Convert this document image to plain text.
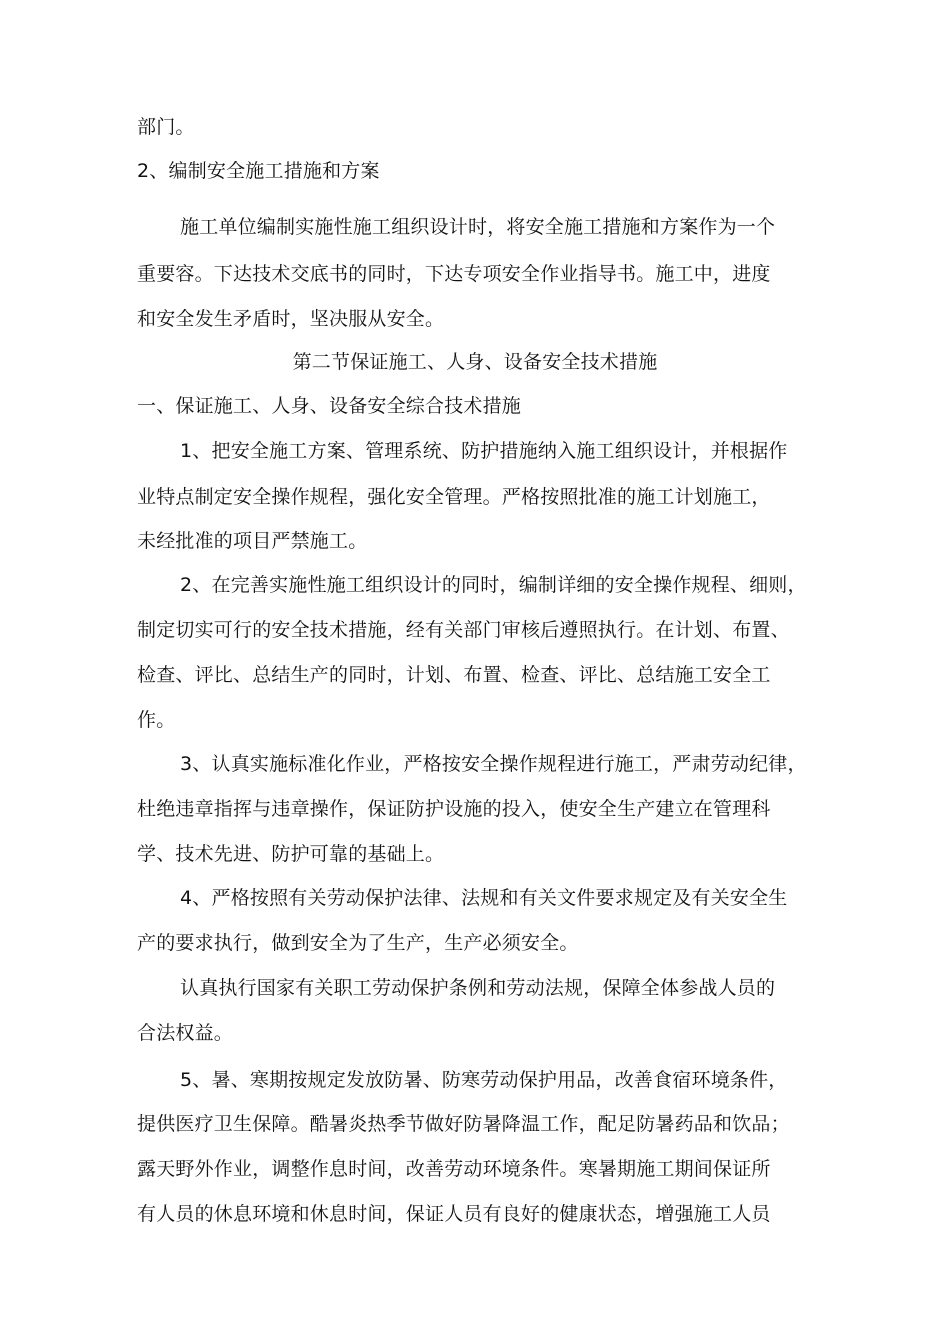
部门。
2、编制安全施工措施和方案
施工单位编制实施性施工组织设计时，将安全施工措施和方案作为一个
重要容。下达技术交底书的同时，下达专项安全作业指导书。施工中，进度
和安全发生矛盾时，坚决服从安全。
第二节保证施工、人身、设备安全技术措施
一、保证施工、人身、设备安全综合技术措施
1、把安全施工方案、管理系统、防护措施纳入施工组织设计，并根据作
业特点制定安全操作规程，强化安全管理。严格按照批准的施工计划施工，
未经批准的项目严禁施工。
2、在完善实施性施工组织设计的同时，编制详细的安全操作规程、细则，
制定切实可行的安全技术措施，经有关部门审核后遵照执行。在计划、布置、
检查、评比、总结生产的同时，计划、布置、检查、评比、总结施工安全工
作。
3、认真实施标准化作业，严格按安全操作规程进行施工，严肃劳动纪律，
杜绝违章指挥与违章操作，保证防护设施的投入，使安全生产建立在管理科
学、技术先进、防护可靠的基础上。
4、严格按照有关劳动保护法律、法规和有关文件要求规定及有关安全生
产的要求执行，做到安全为了生产，生产必须安全。
认真执行国家有关职工劳动保护条例和劳动法规，保障全体参战人员的
合法权益。
5、暑、寒期按规定发放防暑、防寒劳动保护用品，改善食宿环境条件，
提供医疗卫生保障。酷暑炎热季节做好防暑降温工作，配足防暑药品和饮品；
露天野外作业，调整作息时间，改善劳动环境条件。寒暑期施工期间保证所
有人员的休息环境和休息时间，保证人员有良好的健康状态，增强施工人员
